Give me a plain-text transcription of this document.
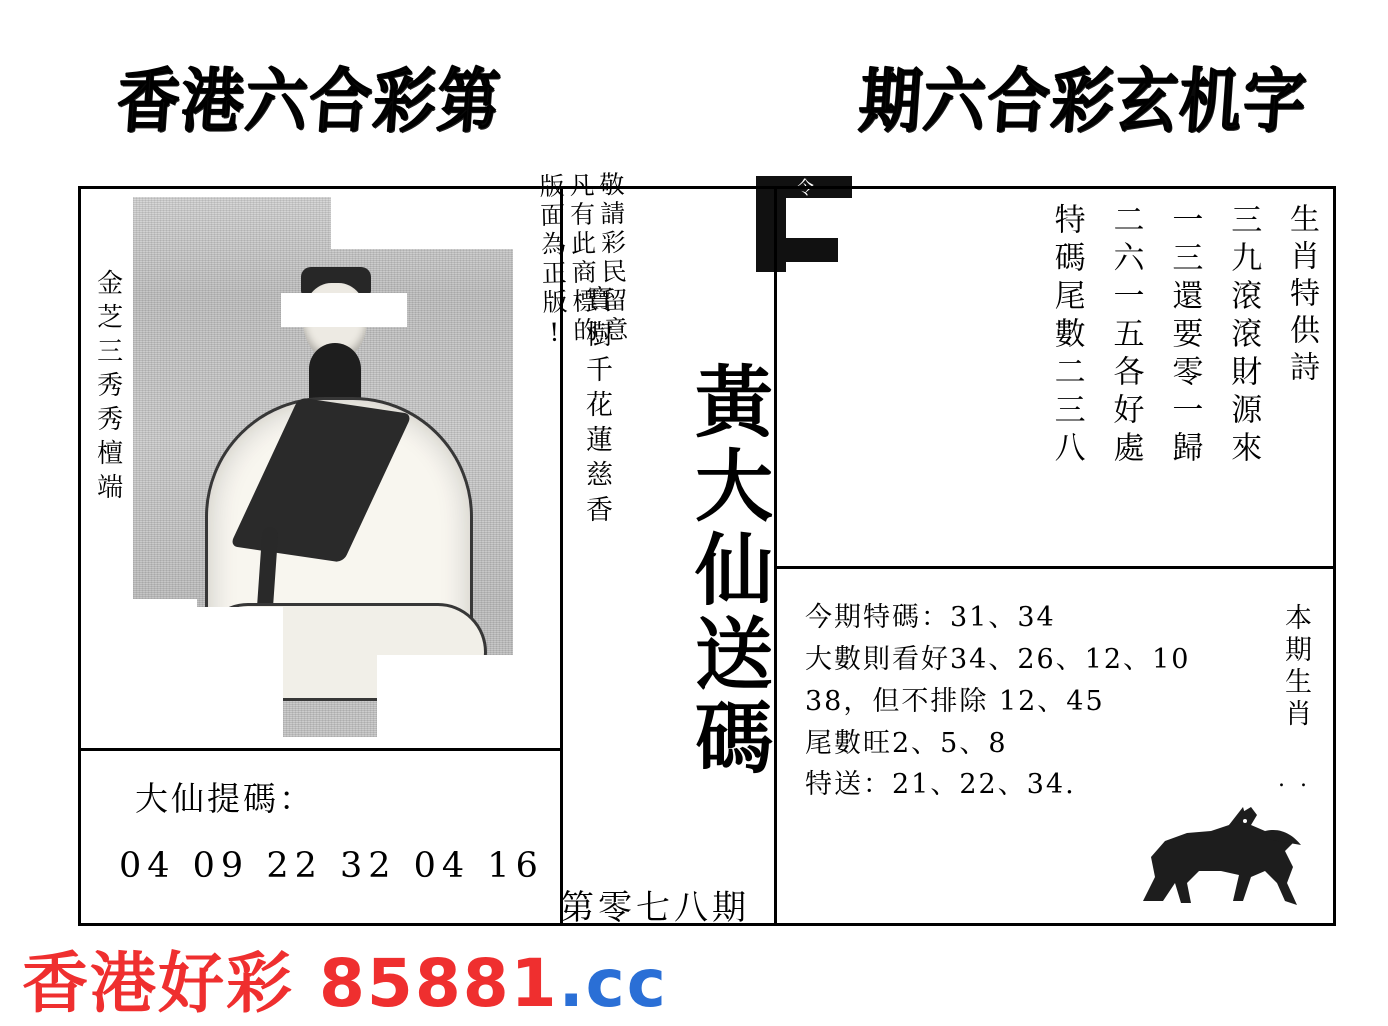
香港六合彩第	期六合彩玄机字
敬請彩民留意
凡有此商標的
版面為正版!	令
金芝三秀秀檀端
大仙提碼：
04 09 22 32 04 16
寶樹千花蓮慈香 黃大仙送碼
生肖特供詩
三九滾滾財源來
一三還要零一歸
二六一五各好處
特碼尾數二三八
今期特碼：31、34
大數則看好34、26、12、10
38，但不排除 12、45
尾數旺2、5、8
特送：21、22、34.
本期生肖
. .
第零七八期
香港好彩 85881.cc
